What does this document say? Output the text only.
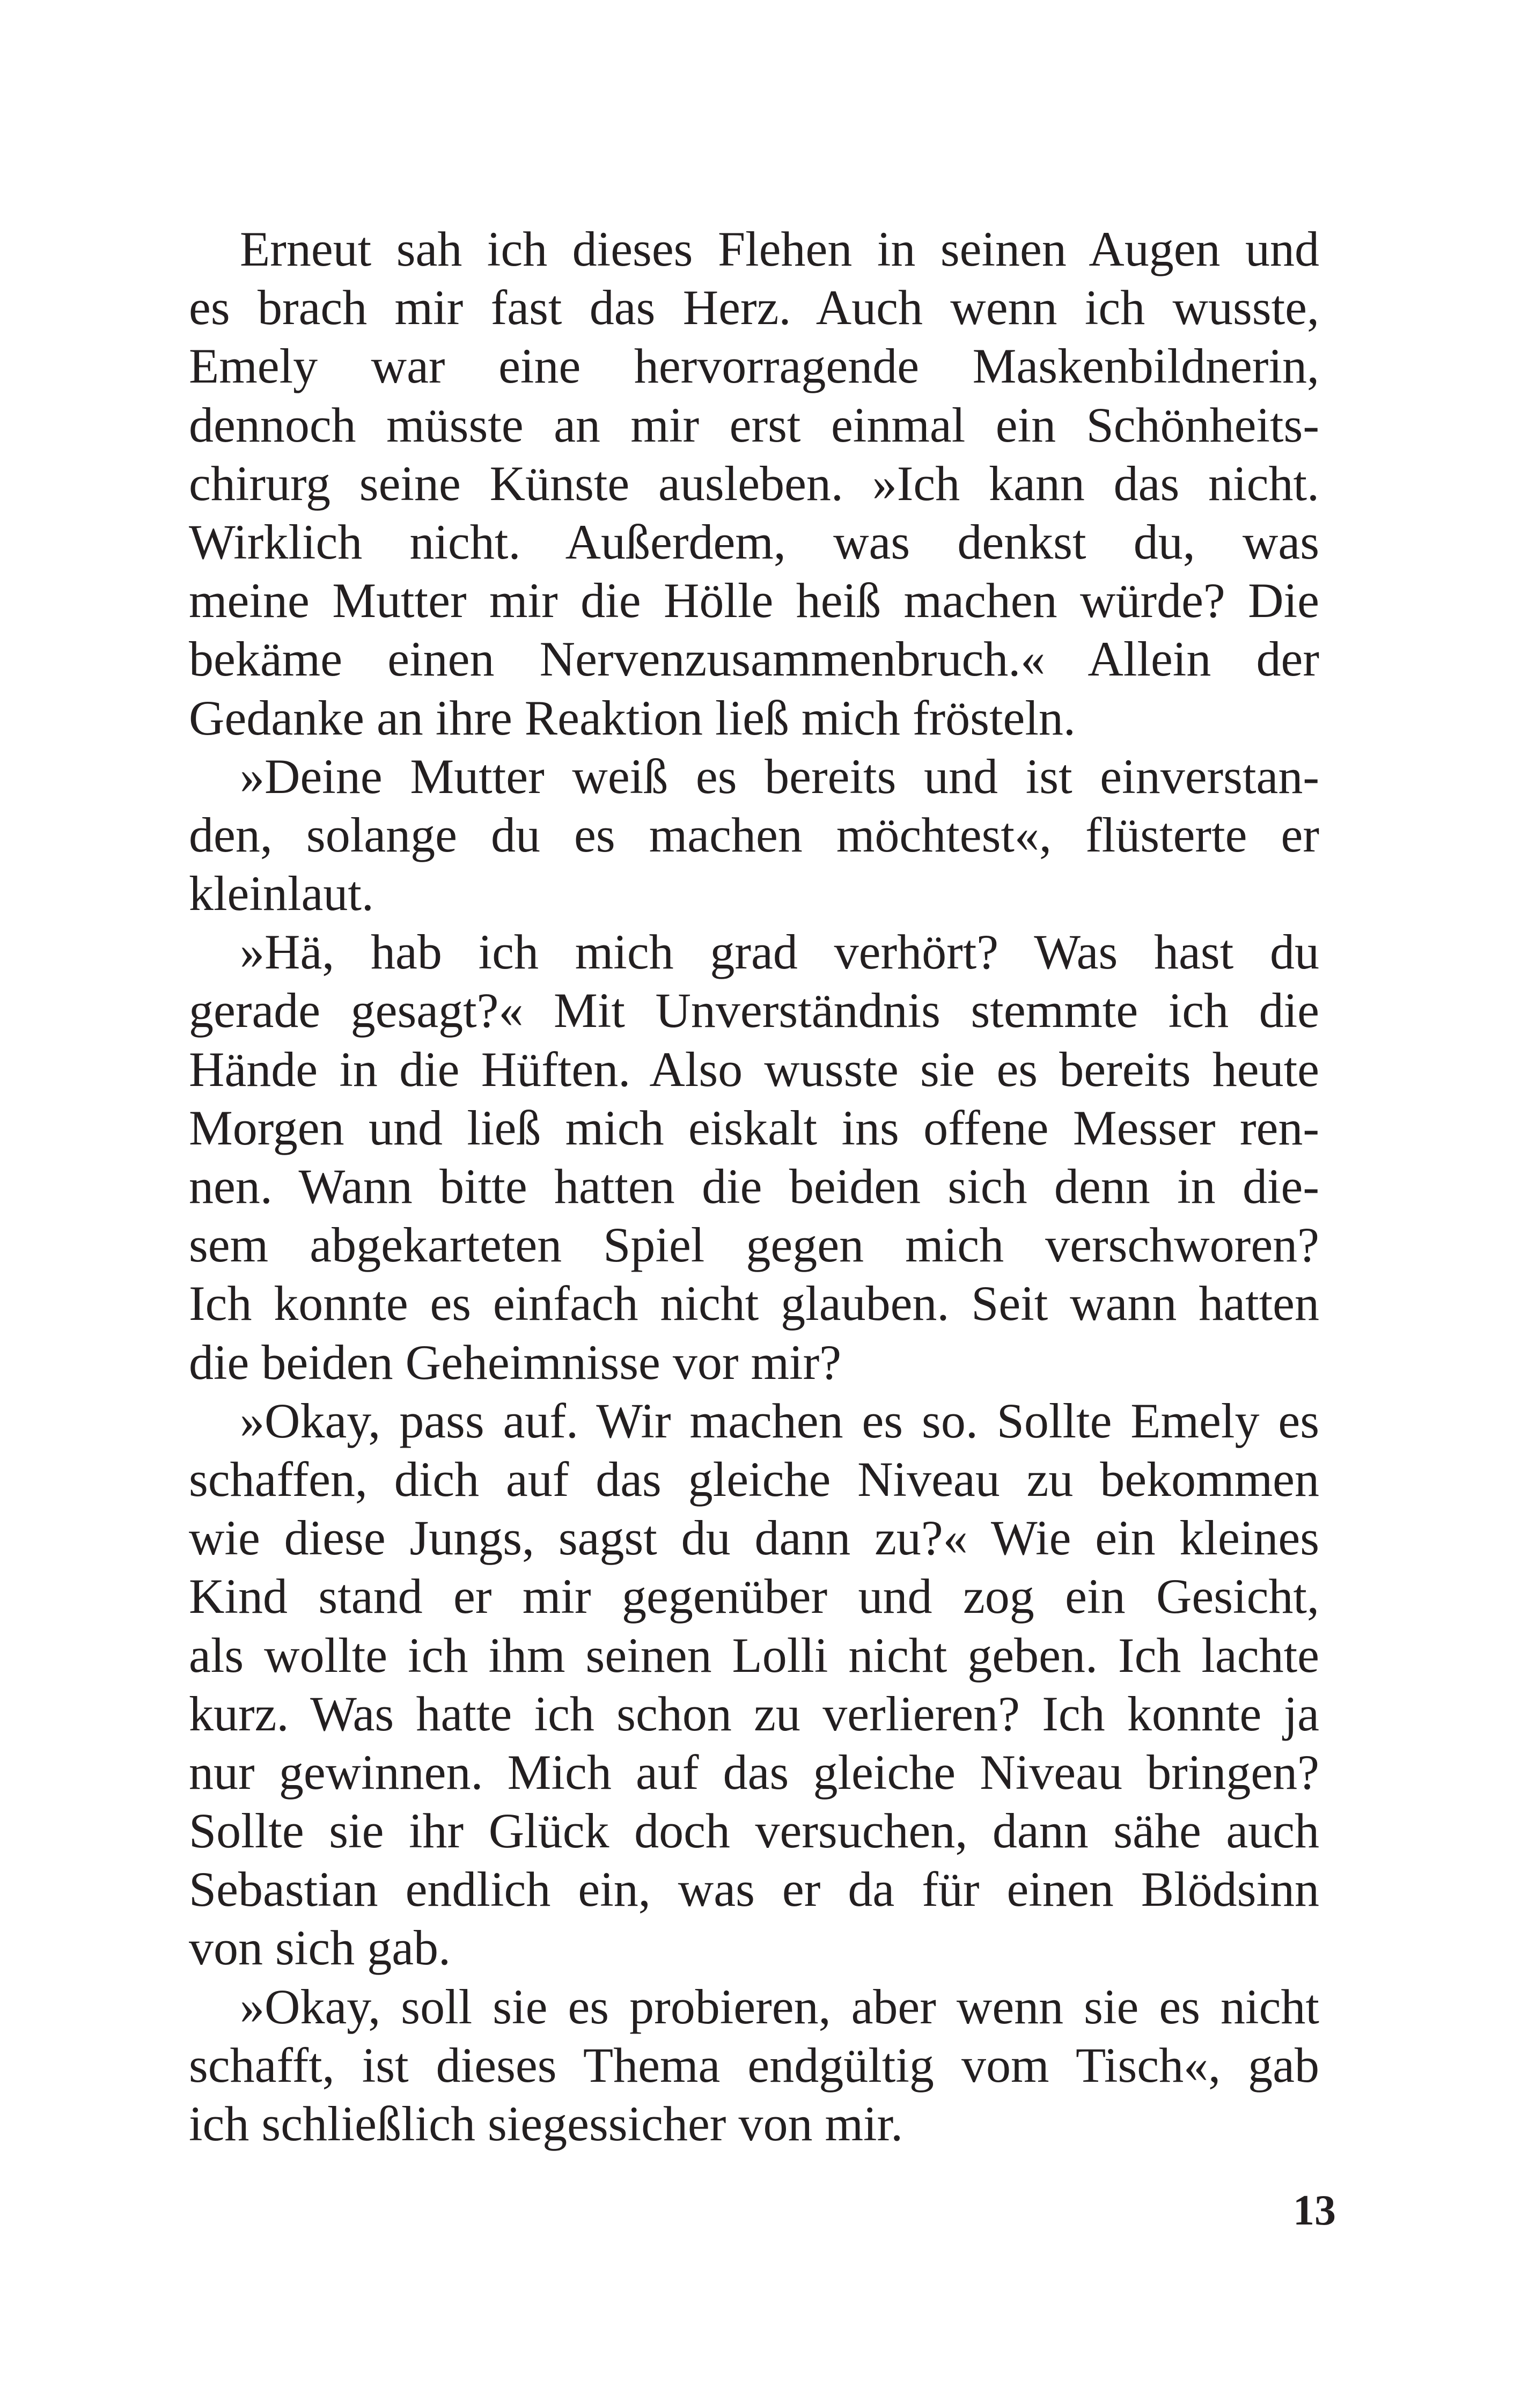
Erneut sah ich dieses Flehen in seinen Augen und
es brach mir fast das Herz. Auch wenn ich wusste,
Emely war eine hervorragende Maskenbildnerin,
dennoch müsste an mir erst einmal ein Schönheits-
chirurg seine Künste ausleben. »Ich kann das nicht.
Wirklich nicht. Außerdem, was denkst du, was
meine Mutter mir die Hölle heiß machen würde? Die
bekäme einen Nervenzusammenbruch.« Allein der
Gedanke an ihre Reaktion ließ mich frösteln.
»Deine Mutter weiß es bereits und ist einverstan-
den, solange du es machen möchtest«, flüsterte er
kleinlaut.
»Hä, hab ich mich grad verhört? Was hast du
gerade gesagt?« Mit Unverständnis stemmte ich die
Hände in die Hüften. Also wusste sie es bereits heute
Morgen und ließ mich eiskalt ins offene Messer ren-
nen. Wann bitte hatten die beiden sich denn in die-
sem abgekarteten Spiel gegen mich verschworen?
Ich konnte es einfach nicht glauben. Seit wann hatten
die beiden Geheimnisse vor mir?
»Okay, pass auf. Wir machen es so. Sollte Emely es
schaffen, dich auf das gleiche Niveau zu bekommen
wie diese Jungs, sagst du dann zu?« Wie ein kleines
Kind stand er mir gegenüber und zog ein Gesicht,
als wollte ich ihm seinen Lolli nicht geben. Ich lachte
kurz. Was hatte ich schon zu verlieren? Ich konnte ja
nur gewinnen. Mich auf das gleiche Niveau bringen?
Sollte sie ihr Glück doch versuchen, dann sähe auch
Sebastian endlich ein, was er da für einen Blödsinn
von sich gab.
»Okay, soll sie es probieren, aber wenn sie es nicht
schafft, ist dieses Thema endgültig vom Tisch«, gab
ich schließlich siegessicher von mir.
13
